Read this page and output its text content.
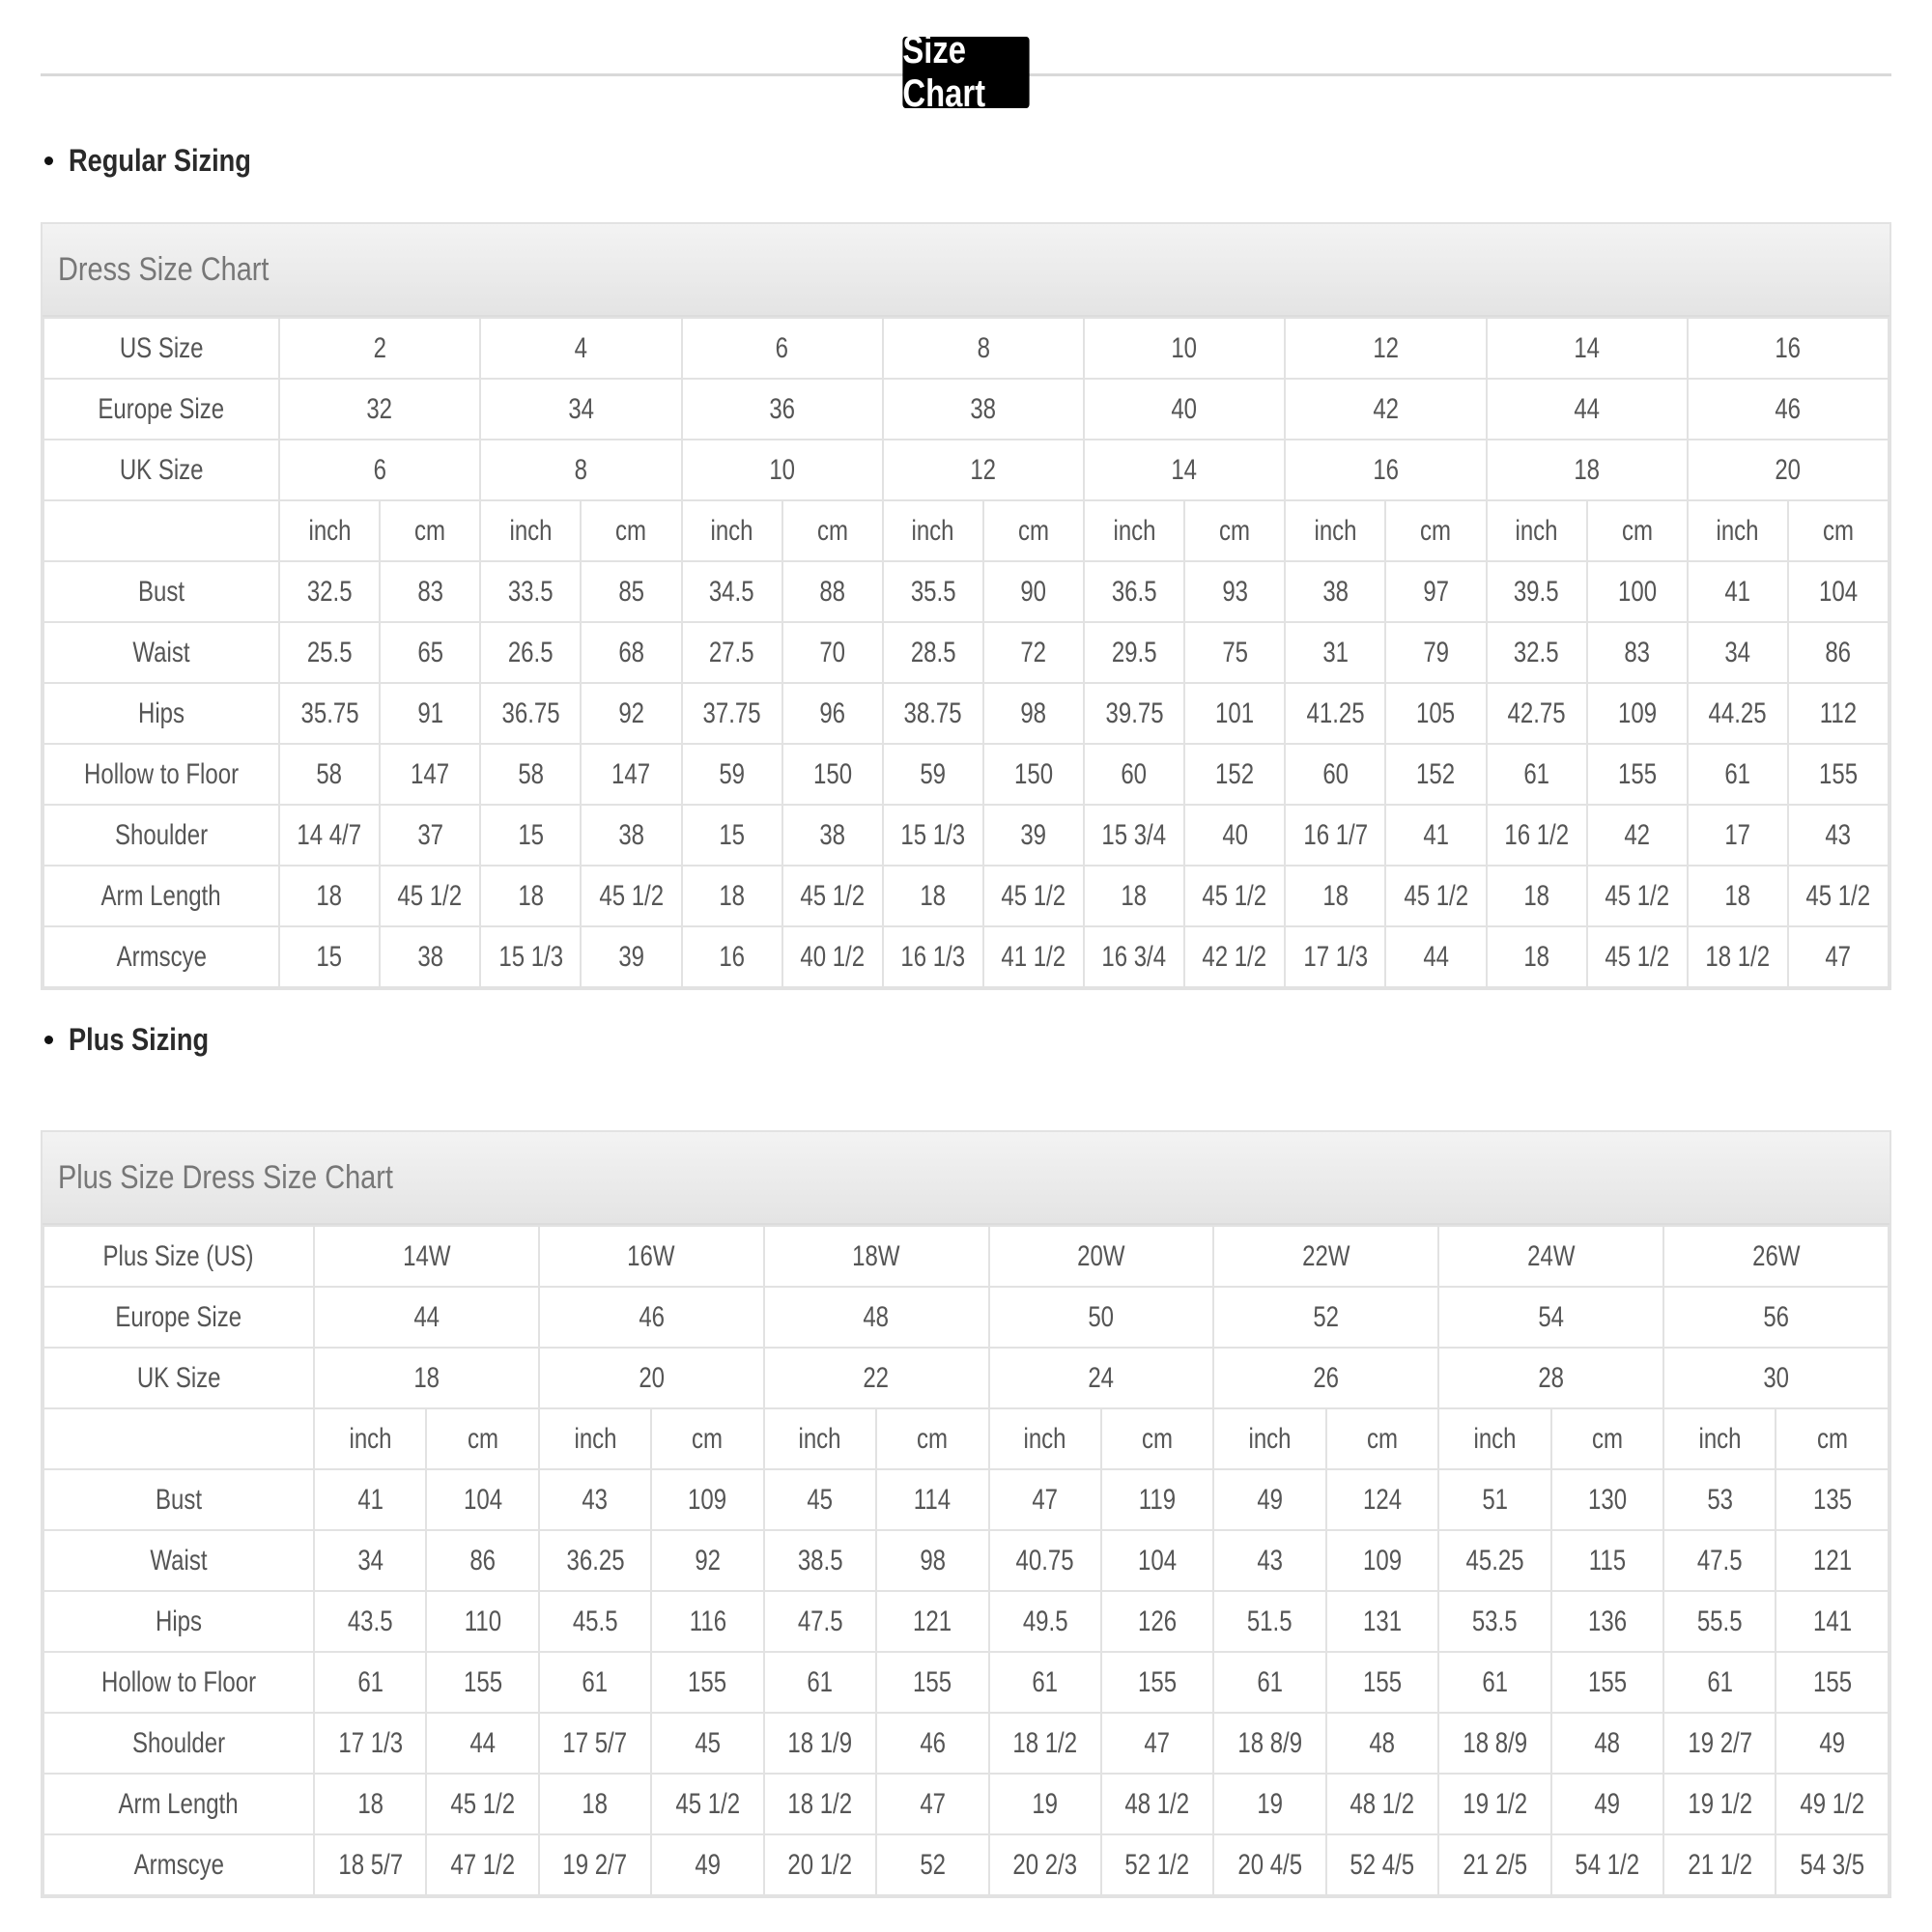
Size Chart
Regular Sizing
Dress Size Chart
US Size	2		4		6		8		10		12		14		16	
Europe Size	32		34		36		38		40		42		44		46	
UK Size	6		8		10		12		14		16		18		20	
	inch	cm	inch	cm	inch	cm	inch	cm	inch	cm	inch	cm	inch	cm	inch	cm
Bust	32.5	83	33.5	85	34.5	88	35.5	90	36.5	93	38	97	39.5	100	41	104
Waist	25.5	65	26.5	68	27.5	70	28.5	72	29.5	75	31	79	32.5	83	34	86
Hips	35.75	91	36.75	92	37.75	96	38.75	98	39.75	101	41.25	105	42.75	109	44.25	112
Hollow to Floor	58	147	58	147	59	150	59	150	60	152	60	152	61	155	61	155
Shoulder	14 4/7	37	15	38	15	38	15 1/3	39	15 3/4	40	16 1/7	41	16 1/2	42	17	43
Arm Length	18	45 1/2	18	45 1/2	18	45 1/2	18	45 1/2	18	45 1/2	18	45 1/2	18	45 1/2	18	45 1/2
Armscye	15	38	15 1/3	39	16	40 1/2	16 1/3	41 1/2	16 3/4	42 1/2	17 1/3	44	18	45 1/2	18 1/2	47
Plus Sizing
Plus Size Dress Size Chart
Plus Size (US)	14W		16W		18W		20W		22W		24W		26W	
Europe Size	44		46		48		50		52		54		56	
UK Size	18		20		22		24		26		28		30	
	inch	cm	inch	cm	inch	cm	inch	cm	inch	cm	inch	cm	inch	cm
Bust	41	104	43	109	45	114	47	119	49	124	51	130	53	135
Waist	34	86	36.25	92	38.5	98	40.75	104	43	109	45.25	115	47.5	121
Hips	43.5	110	45.5	116	47.5	121	49.5	126	51.5	131	53.5	136	55.5	141
Hollow to Floor	61	155	61	155	61	155	61	155	61	155	61	155	61	155
Shoulder	17 1/3	44	17 5/7	45	18 1/9	46	18 1/2	47	18 8/9	48	18 8/9	48	19 2/7	49
Arm Length	18	45 1/2	18	45 1/2	18 1/2	47	19	48 1/2	19	48 1/2	19 1/2	49	19 1/2	49 1/2
Armscye	18 5/7	47 1/2	19 2/7	49	20 1/2	52	20 2/3	52 1/2	20 4/5	52 4/5	21 2/5	54 1/2	21 1/2	54 3/5
